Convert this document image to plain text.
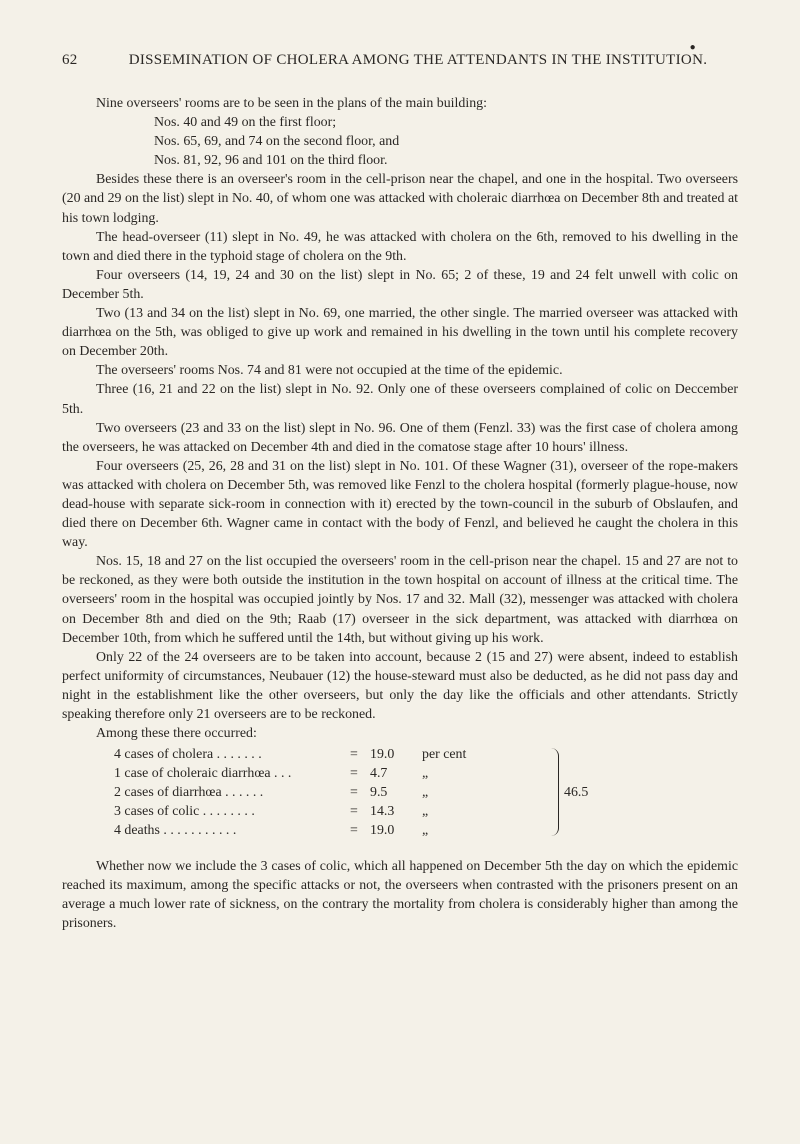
62	DISSEMINATION OF CHOLERA AMONG THE ATTENDANTS IN THE INSTITUTION.
●

Nine overseers' rooms are to be seen in the plans of the main building:

Nos. 40 and 49 on the first floor;
Nos. 65, 69, and 74 on the second floor, and
Nos. 81, 92, 96 and 101 on the third floor.

Besides these there is an overseer's room in the cell-prison near the chapel, and one in the hospital. Two overseers (20 and 29 on the list) slept in No. 40, of whom one was attacked with choleraic diarrhœa on December 8th and treated at his town lodging.

The head-overseer (11) slept in No. 49, he was attacked with cholera on the 6th, removed to his dwelling in the town and died there in the typhoid stage of cholera on the 9th.

Four overseers (14, 19, 24 and 30 on the list) slept in No. 65; 2 of these, 19 and 24 felt unwell with colic on December 5th.

Two (13 and 34 on the list) slept in No. 69, one married, the other single. The married overseer was attacked with diarrhœa on the 5th, was obliged to give up work and remained in his dwelling in the town until his complete recovery on December 20th.

The overseers' rooms Nos. 74 and 81 were not occupied at the time of the epidemic.

Three (16, 21 and 22 on the list) slept in No. 92. Only one of these overseers complained of colic on Deccember 5th.

Two overseers (23 and 33 on the list) slept in No. 96. One of them (Fenzl. 33) was the first case of cholera among the overseers, he was attacked on December 4th and died in the comatose stage after 10 hours' illness.

Four overseers (25, 26, 28 and 31 on the list) slept in No. 101. Of these Wagner (31), overseer of the rope-makers was attacked with cholera on December 5th, was removed like Fenzl to the cholera hospital (formerly plague-house, now dead-house with separate sick-room in connection with it) erected by the town-council in the suburb of Obslaufen, and died there on December 6th. Wagner came in contact with the body of Fenzl, and believed he caught the cholera in this way.

Nos. 15, 18 and 27 on the list occupied the overseers' room in the cell-prison near the chapel. 15 and 27 are not to be reckoned, as they were both outside the institution in the town hospital on account of illness at the critical time. The overseers' room in the hospital was occupied jointly by Nos. 17 and 32. Mall (32), messenger was attacked with cholera on December 8th and died on the 9th; Raab (17) overseer in the sick department, was attacked with diarrhœa on December 10th, from which he suffered until the 14th, but without giving up his work.

Only 22 of the 24 overseers are to be taken into account, because 2 (15 and 27) were absent, indeed to establish perfect uniformity of circumstances, Neubauer (12) the house-steward must also be deducted, as he did not pass day and night in the establishment like the other overseers, but only the day like the officials and other attendants. Strictly speaking therefore only 21 overseers are to be reckoned.

Among these there occurred:

4 cases of cholera . . . . . . .	= 19.0 per cent
1 case of choleraic diarrhœa . . .	= 4.7 „
2 cases of diarrhœa . . . . . .	= 9.5 „
3 cases of colic . . . . . . . .	= 14.3 „
4 deaths . . . . . . . . . . .	= 19.0 „
46.5

Whether now we include the 3 cases of colic, which all happened on December 5th the day on which the epidemic reached its maximum, among the specific attacks or not, the overseers when contrasted with the prisoners present on an average a much lower rate of sickness, on the contrary the mortality from cholera is considerably higher than among the prisoners.
